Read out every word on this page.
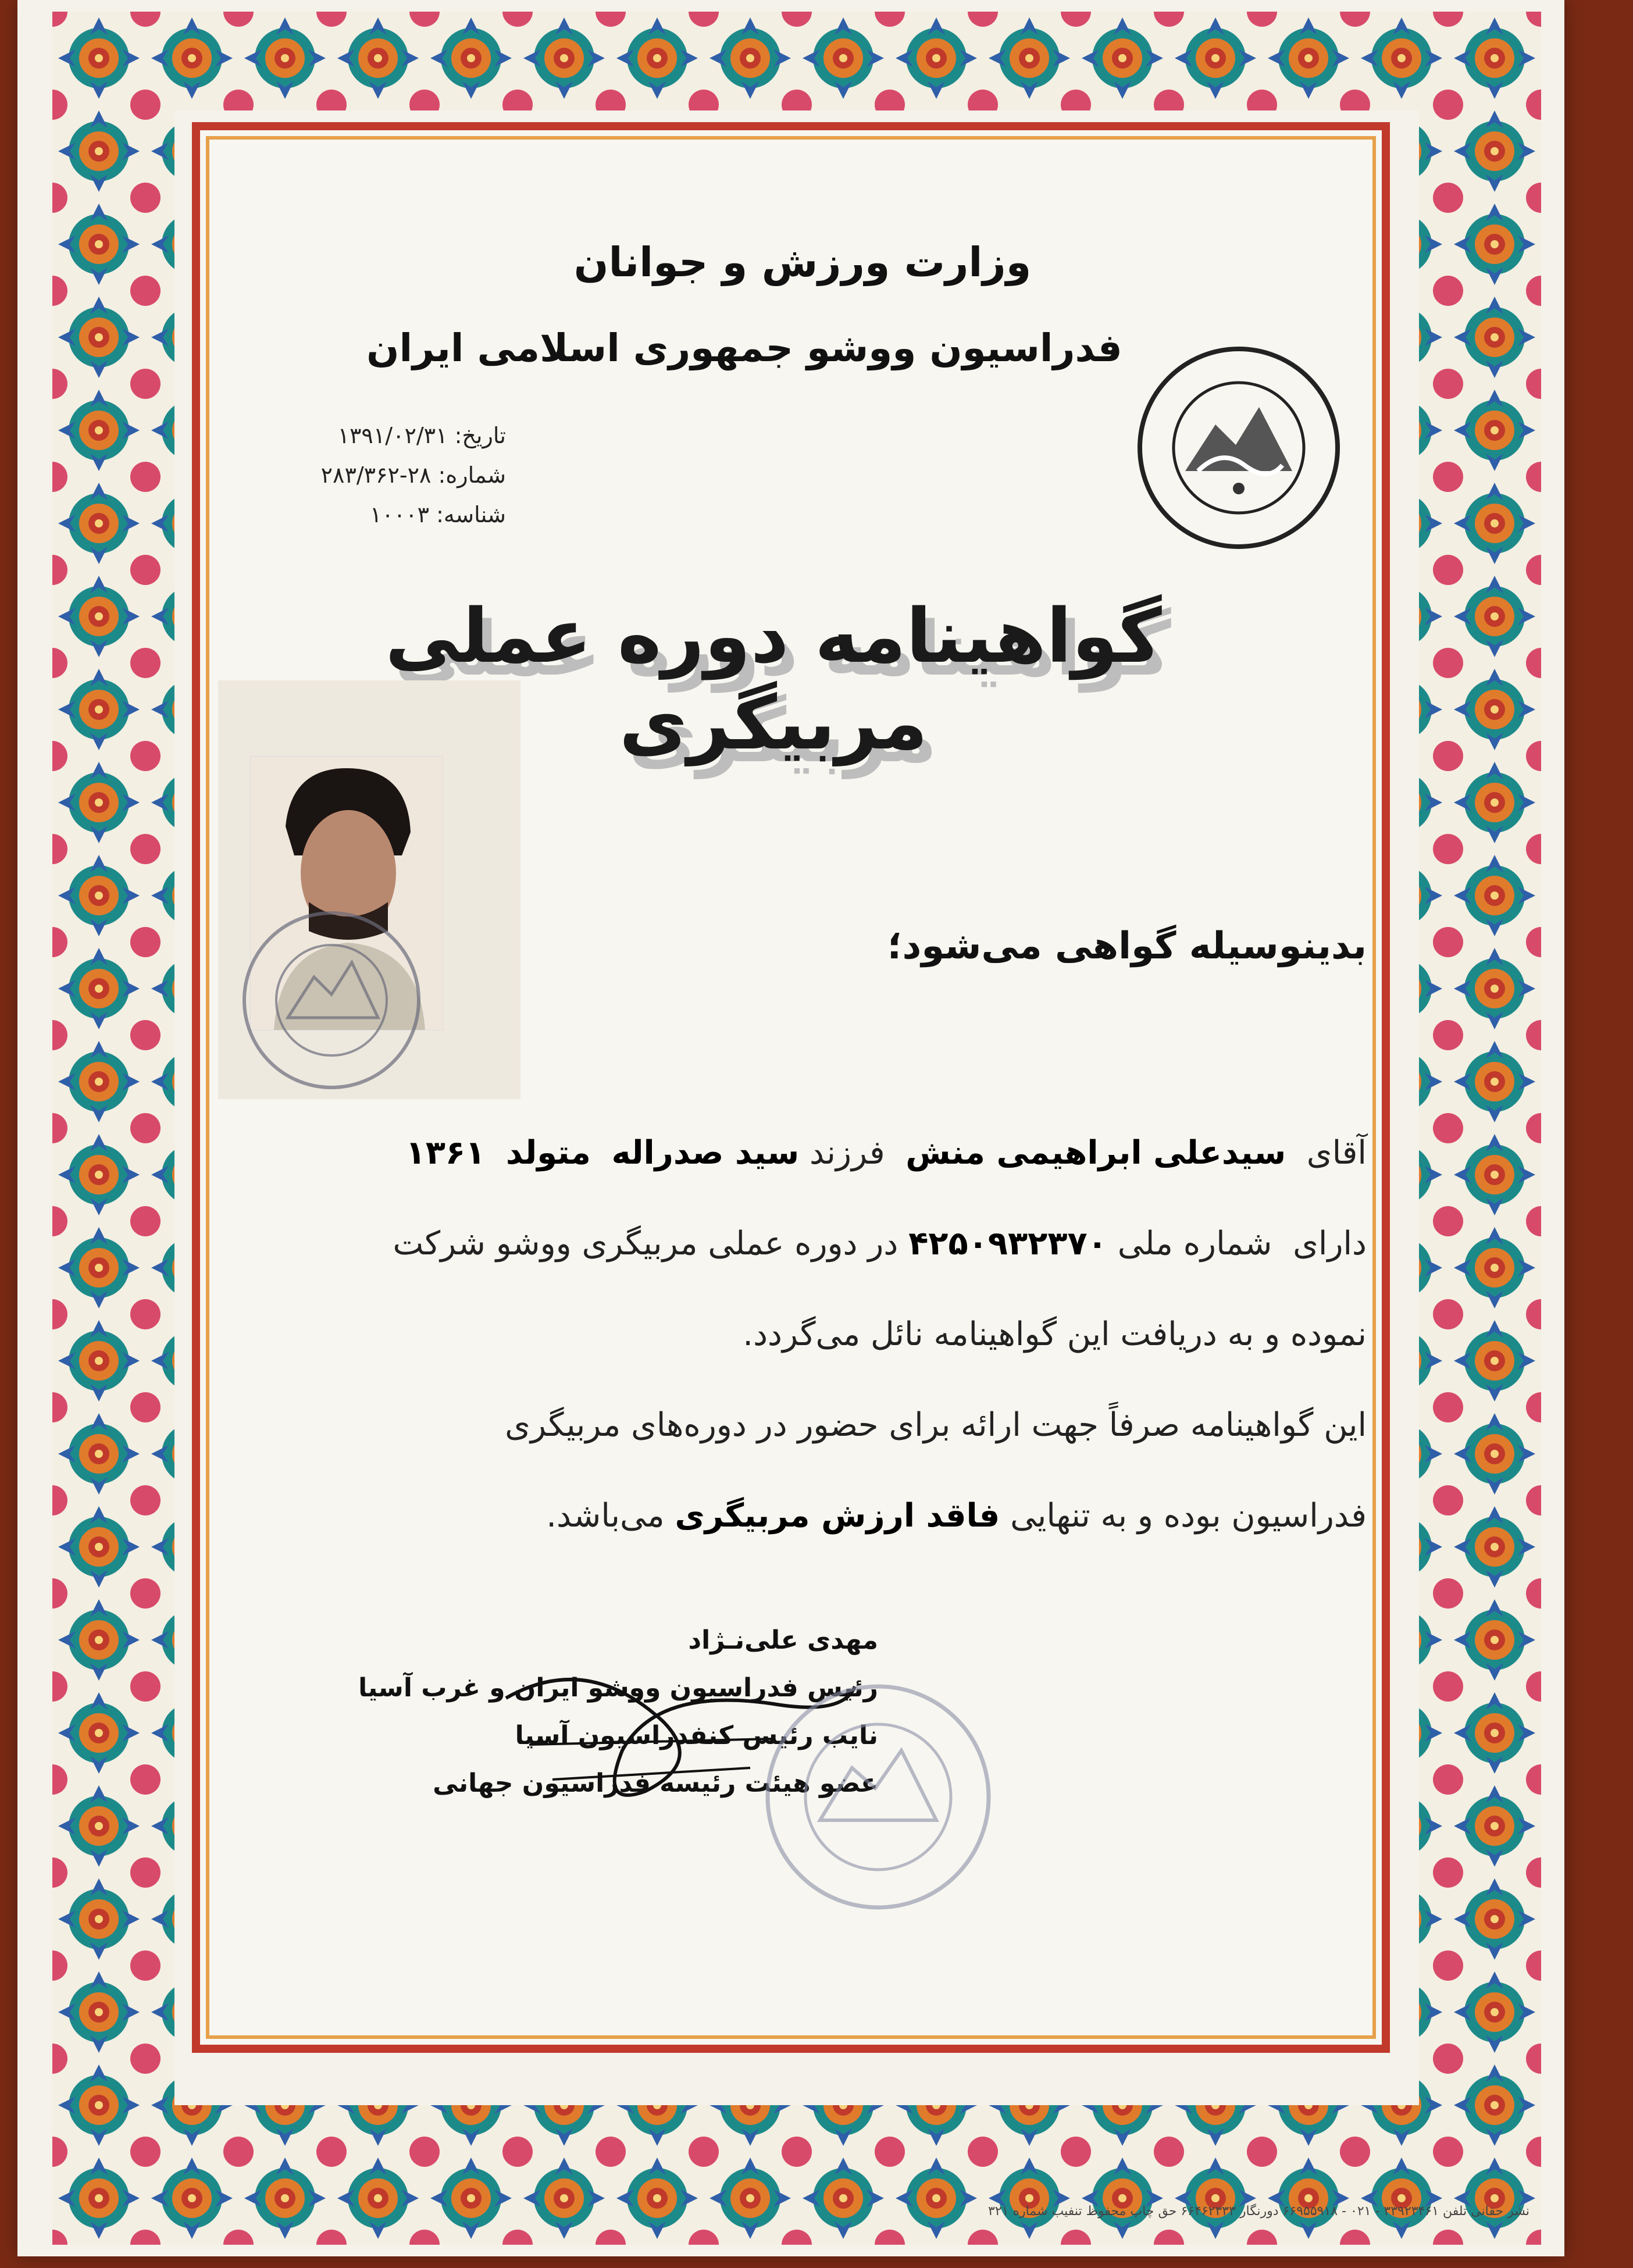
وزارت ورزش و جوانان
فدراسیون ووشو جمهوری اسلامی ایران
تاریخ: ۱۳۹۱/۰۲/۳۱
شماره: ۲۸-۲۸۳/۳۶۲
شناسه: ۱۰۰۰۳
گواهینامه دوره عملی مربیگری
بدینوسیله گواهی می‌شود؛
آقای  سیدعلی ابراهیمی منش  فرزند سید صدراله  متولد  ۱۳۶۱
دارای  شماره ملی ۴۲۵۰۹۳۲۳۷۰ در دوره عملی مربیگری ووشو شرکت
نموده و به دریافت این گواهینامه نائل می‌گردد.
این گواهینامه صرفاً جهت ارائه برای حضور در دوره‌های مربیگری
فدراسیون بوده و به تنهایی فاقد ارزش مربیگری می‌باشد.
مهدی علی‌نـژاد
رئیس فدراسیون ووشو ایران و غرب آسیا
نایب رئیس کنفدراسیون آسیا
عضو هیئت رئیسه فدراسیون جهانی
نشر حقانی تلفن ۳۳۹۲۳۴۶۱ - ۰۲۱ - ۶۶۹۵۵۹۱۸ دورنگار ۶۶۴۶۲۳۳۳ حق چاپ محفوظ تنفیب شماره ۳۲۱
